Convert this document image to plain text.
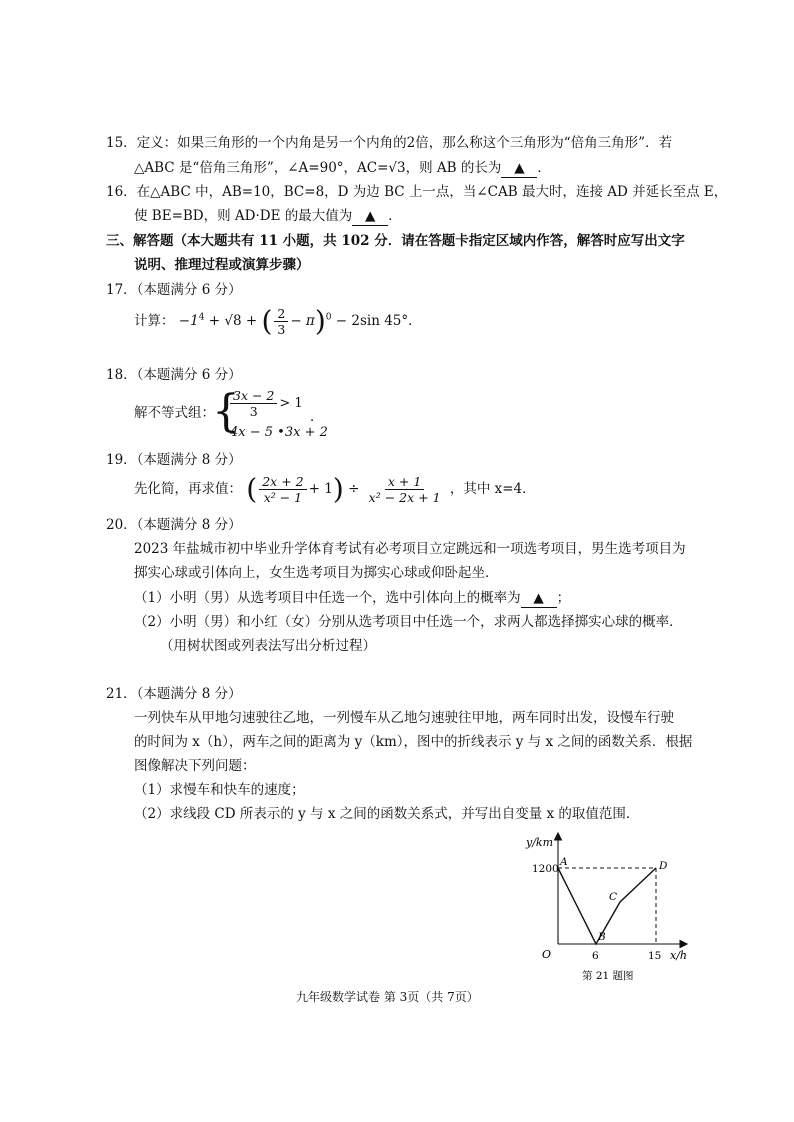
15．定义：如果三角形的一个内角是另一个内角的2倍，那么称这个三角形为“倍角三角形”．若
△ABC 是“倍角三角形”，∠A=90°，AC=√3，则 AB 的长为 ▲ ．
16．在△ABC 中，AB=10，BC=8，D 为边 BC 上一点，当∠CAB 最大时，连接 AD 并延长至点 E，
使 BE=BD，则 AD·DE 的最大值为 ▲ ．
三、解答题（本大题共有 11 小题，共 102 分．请在答题卡指定区域内作答，解答时应写出文字
说明、推理过程或演算步骤）
17．（本题满分 6 分）
计算： $-1^4 + √8$ + ( $\frac{2}{3} - \pi)^0 - 2\sin$ 45°．
18．（本题满分 6 分）
解不等式组：
{
$\frac{3x - 2}{3} > 1$
4x − 5 •3x + 2
．
19．（本题满分 8 分）
先化简，再求值： ( $\frac{2x + 2}{\text{x² − 1}} + 1) \div \frac{x + 1}{\text{x² − 2x + 1}}$ ，其中 x=4．
20．（本题满分 8 分）
2023 年盐城市初中毕业升学体育考试有必考项目立定跳远和一项选考项目，男生选考项目为
掷实心球或引体向上，女生选考项目为掷实心球或仰卧起坐．
（1）小明（男）从选考项目中任选一个，选中引体向上的概率为 ▲ ；
（2）小明（男）和小红（女）分别从选考项目中任选一个，求两人都选择掷实心球的概率．
（用树状图或列表法写出分析过程）
21．（本题满分 8 分）
一列快车从甲地匀速驶往乙地，一列慢车从乙地匀速驶往甲地，两车同时出发，设慢车行驶
的时间为 x（h），两车之间的距离为 y（km），图中的折线表示 y 与 x 之间的函数关系．根据
图像解决下列问题：
（1）求慢车和快车的速度；
（2）求线段 CD 所表示的 y 与 x 之间的函数关系式，并写出自变量 x 的取值范围．
y/km
x/h
O
1200
6	15
A
B
C
D
第 21 题图
九年级数学试卷 第 3页（共 7页）
